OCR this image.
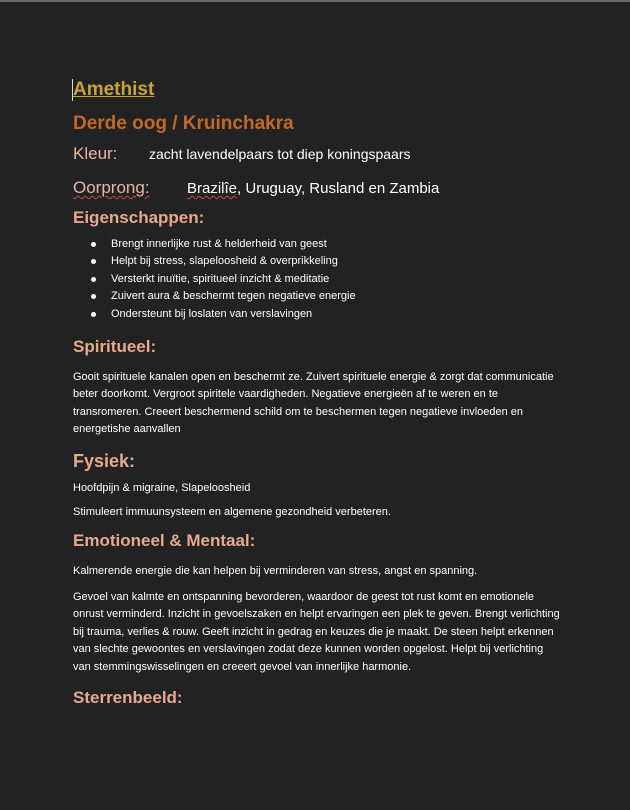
Amethist
Derde oog / Kruinchakra
Kleur:	zacht lavendelpaars tot diep koningspaars
Oorprong:	Brazilîe, Uruguay, Rusland en Zambia
Eigenschappen:
Brengt innerlijke rust & helderheid van geest
Helpt bij stress, slapeloosheid & overprikkeling
Versterkt inuïtie, spiritueel inzicht & meditatie
Zuivert aura & beschermt tegen negatieve energie
Ondersteunt bij loslaten van verslavingen
Spiritueel:

Gooit spirituele kanalen open en beschermt ze. Zuivert spirituele energie & zorgt dat communicatie beter doorkomt. Vergroot spiritele vaardigheden. Negatieve energieën af te weren en te transromeren. Creeert beschermend schild om te beschermen tegen negatieve invloeden en energetishe aanvallen

Fysiek:

Hoofdpijn & migraine, Slapeloosheid

Stimuleert immuunsysteem en algemene gezondheid verbeteren.

Emotioneel & Mentaal:

Kalmerende energie die kan helpen bij verminderen van stress, angst en spanning.

Gevoel van kalmte en ontspanning bevorderen, waardoor de geest tot rust komt en emotionele onrust verminderd. Inzicht in gevoelszaken en helpt ervaringen een plek te geven. Brengt verlichting bij trauma, verlies & rouw. Geeft inzicht in gedrag en keuzes die je maakt. De steen helpt erkennen van slechte gewoontes en verslavingen zodat deze kunnen worden opgelost. Helpt bij verlichting van stemmingswisselingen en creeert gevoel van innerlijke harmonie.

Sterrenbeeld:
